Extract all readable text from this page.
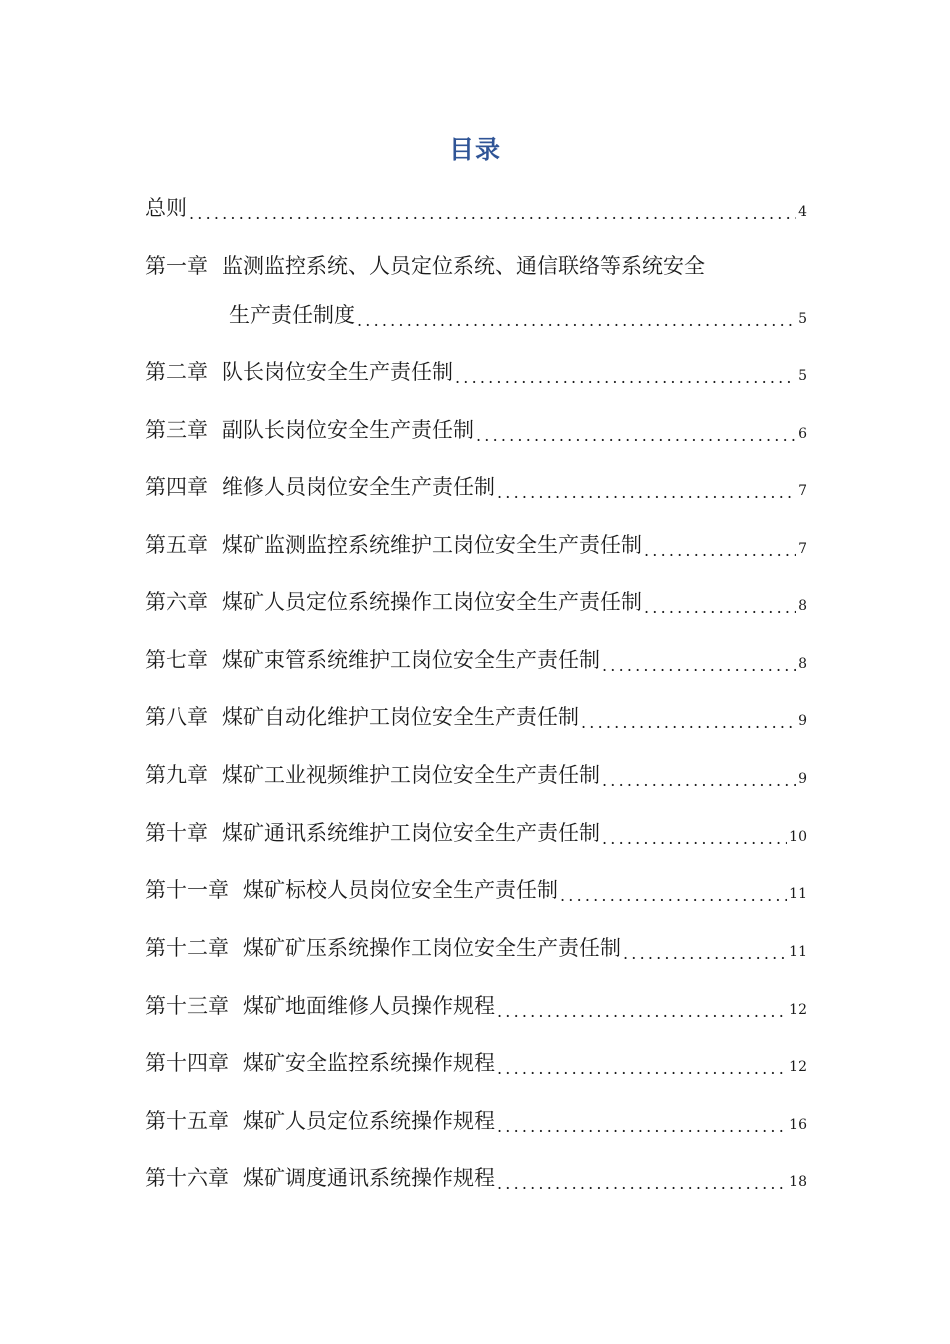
目录
总则 .....	4
第一章 监测监控系统、人员定位系统、通信联络等系统安全
生产责任制度 .....	5
第二章 队长岗位安全生产责任制 .....	5
第三章 副队长岗位安全生产责任制 .....	6
第四章 维修人员岗位安全生产责任制 .....	7
第五章 煤矿监测监控系统维护工岗位安全生产责任制 .....	7
第六章 煤矿人员定位系统操作工岗位安全生产责任制 .....	8
第七章 煤矿束管系统维护工岗位安全生产责任制 .....	8
第八章 煤矿自动化维护工岗位安全生产责任制 .....	9
第九章 煤矿工业视频维护工岗位安全生产责任制 .....	9
第十章 煤矿通讯系统维护工岗位安全生产责任制 .....	10
第十一章 煤矿标校人员岗位安全生产责任制 .....	11
第十二章 煤矿矿压系统操作工岗位安全生产责任制 .....	11
第十三章 煤矿地面维修人员操作规程 .....	12
第十四章 煤矿安全监控系统操作规程 .....	12
第十五章 煤矿人员定位系统操作规程 .....	16
第十六章 煤矿调度通讯系统操作规程 .....	18
